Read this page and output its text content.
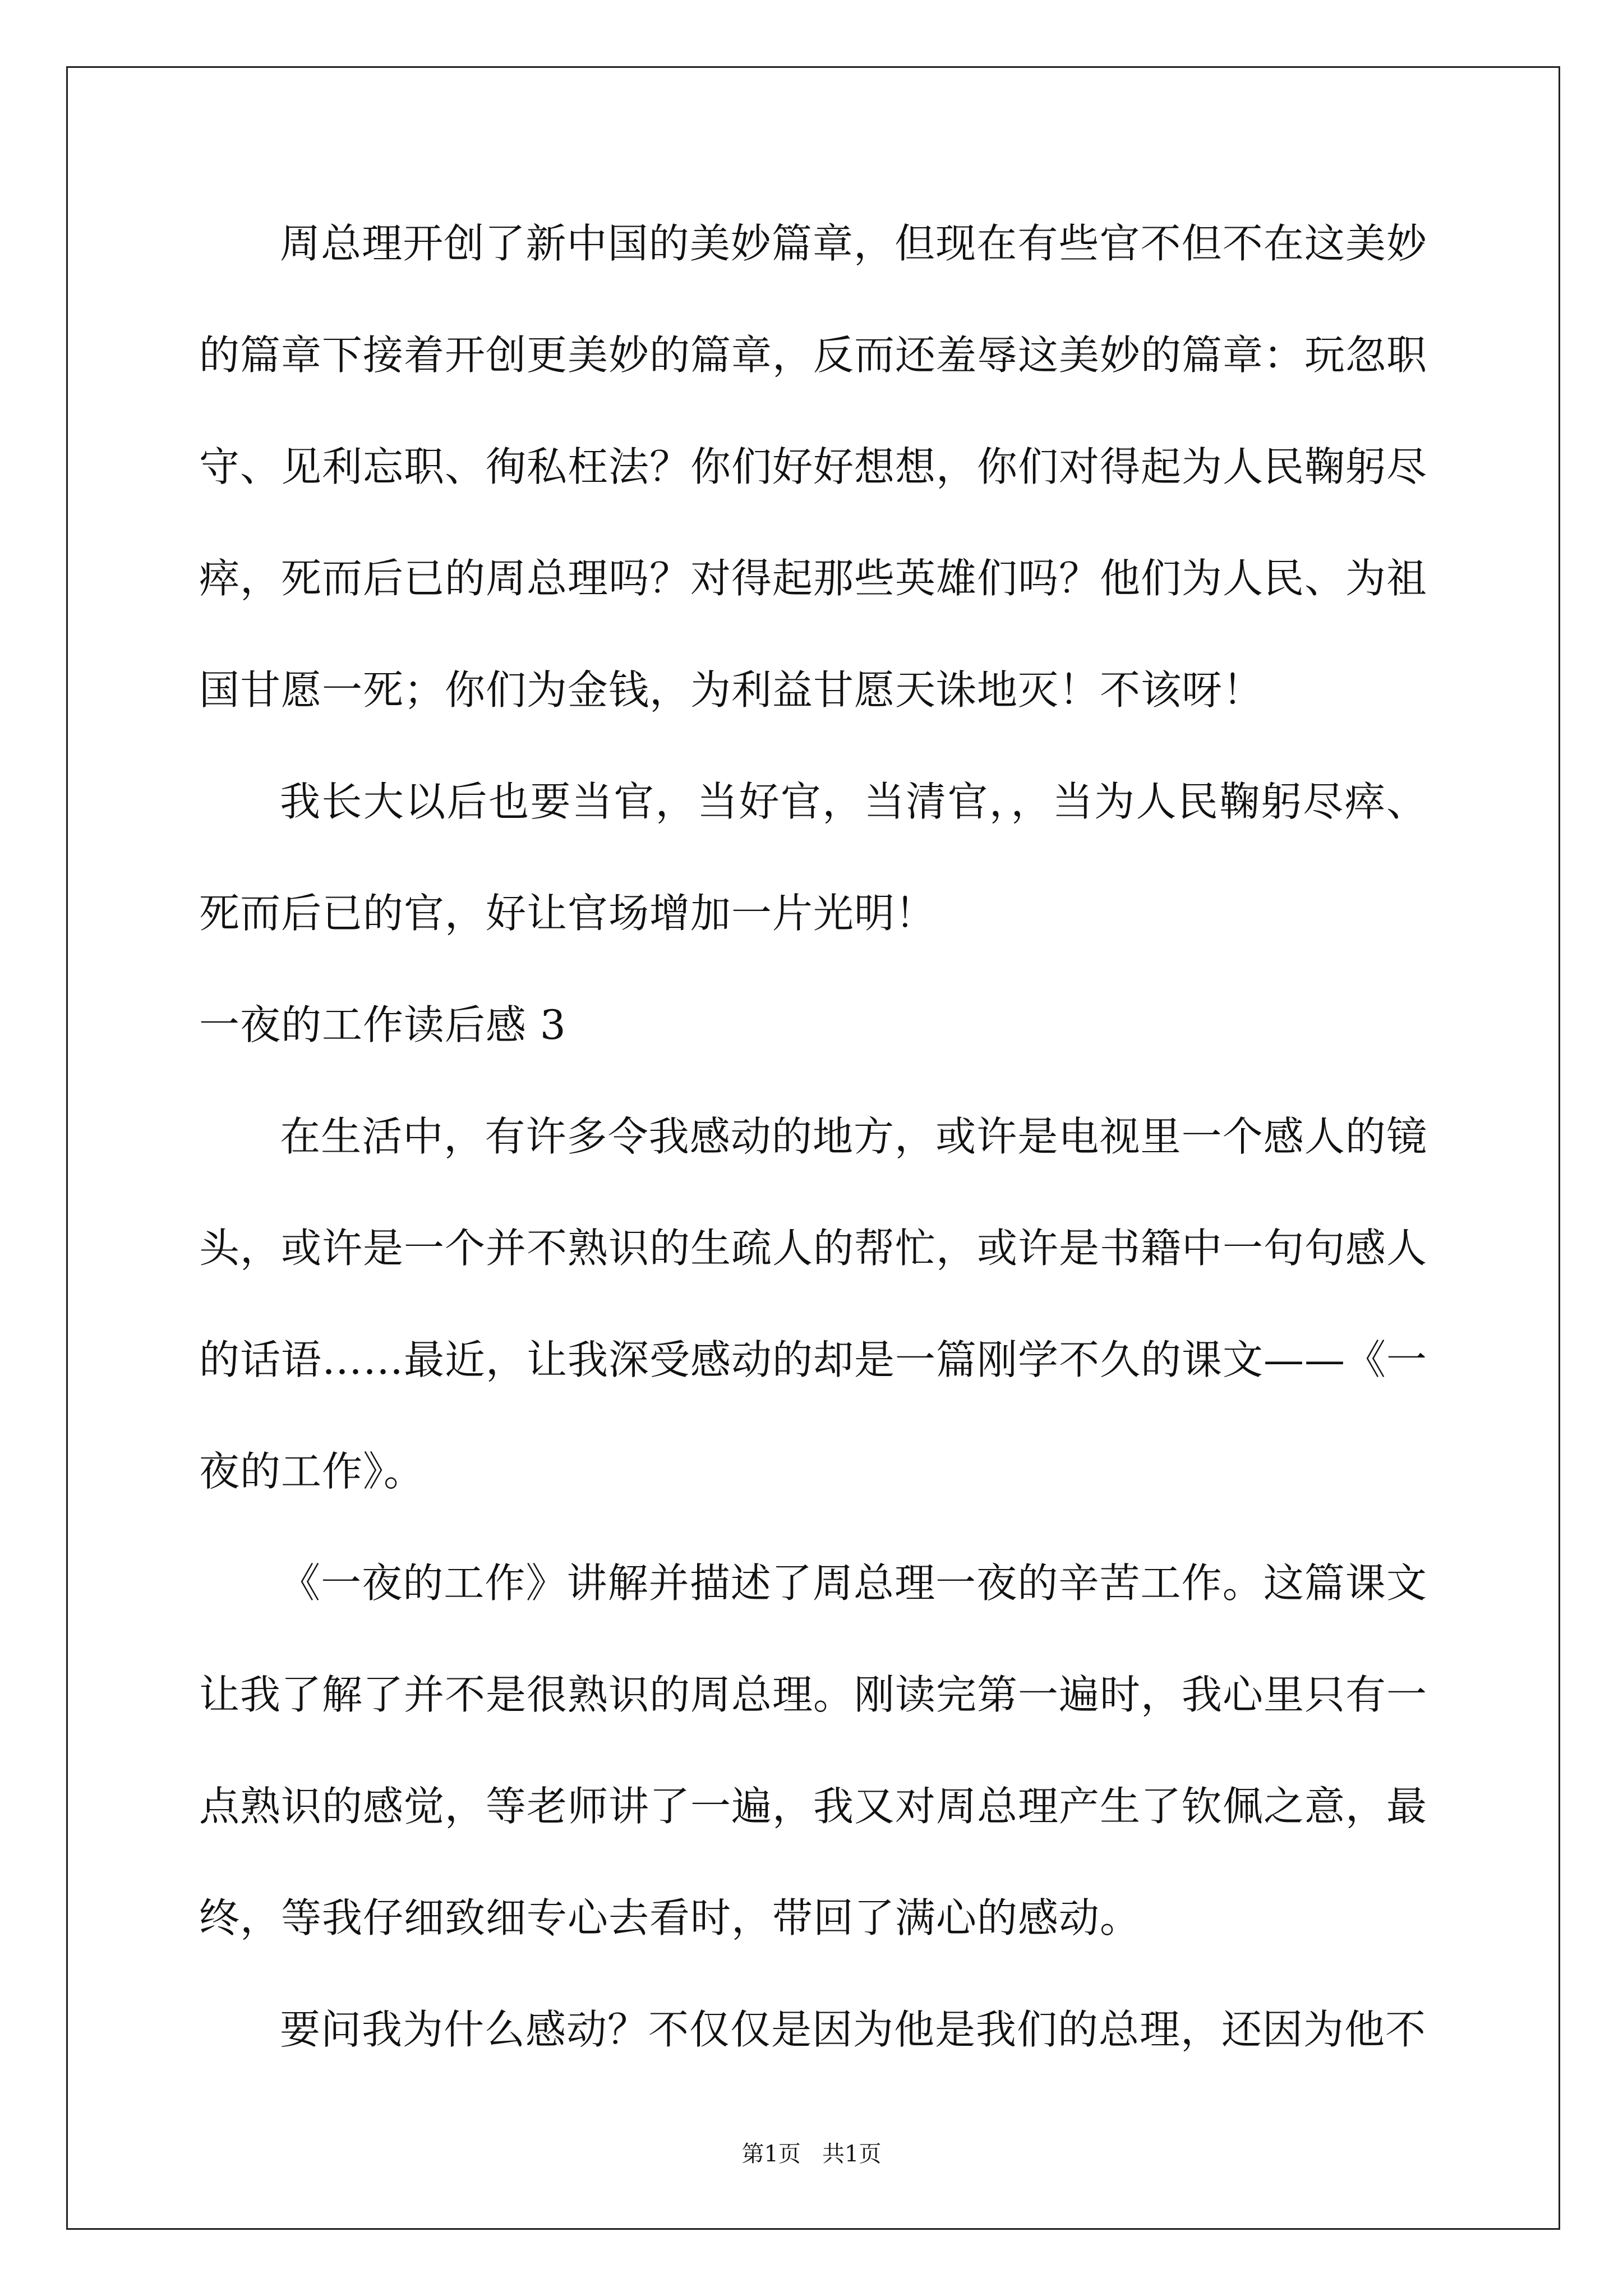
周总理开创了新中国的美妙篇章，但现在有些官不但不在这美妙的篇章下接着开创更美妙的篇章，反而还羞辱这美妙的篇章：玩忽职守、见利忘职、徇私枉法？你们好好想想，你们对得起为人民鞠躬尽瘁，死而后已的周总理吗？对得起那些英雄们吗？他们为人民、为祖国甘愿一死；你们为金钱，为利益甘愿天诛地灭！不该呀！

我长大以后也要当官，当好官，当清官，，当为人民鞠躬尽瘁、死而后已的官，好让官场增加一片光明！

一夜的工作读后感 3

在生活中，有许多令我感动的地方，或许是电视里一个感人的镜头，或许是一个并不熟识的生疏人的帮忙，或许是书籍中一句句感人的话语……最近，让我深受感动的却是一篇刚学不久的课文——《一夜的工作》。

《一夜的工作》讲解并描述了周总理一夜的辛苦工作。这篇课文让我了解了并不是很熟识的周总理。刚读完第一遍时，我心里只有一点熟识的感觉，等老师讲了一遍，我又对周总理产生了钦佩之意，最终，等我仔细致细专心去看时，带回了满心的感动。

要问我为什么感动？不仅仅是因为他是我们的总理，还因为他不

第1页   共1页
